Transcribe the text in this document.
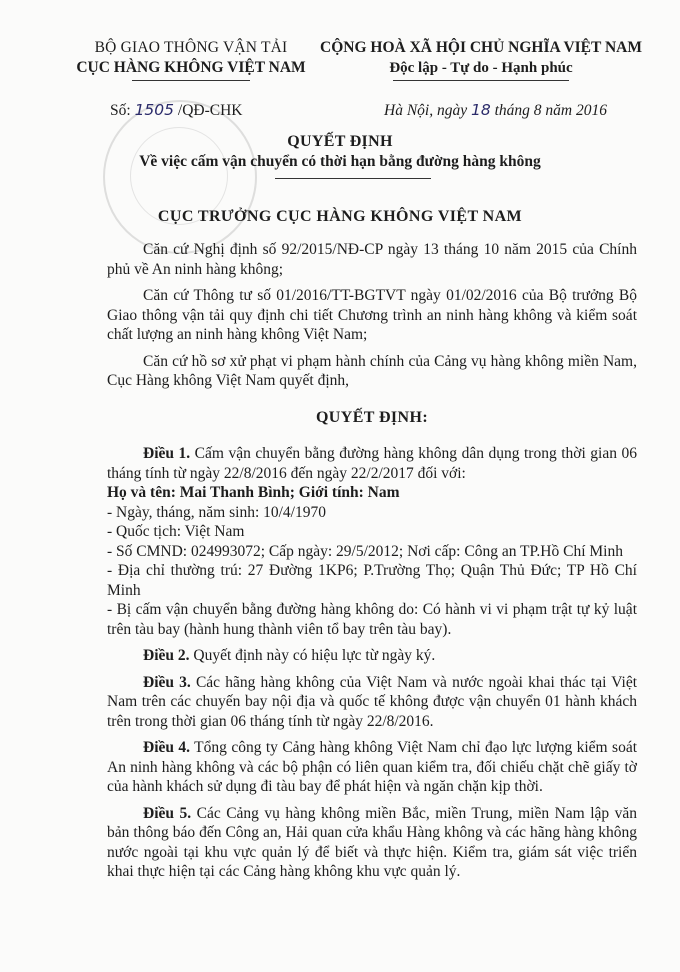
BỘ GIAO THÔNG VẬN TẢI
CỤC HÀNG KHÔNG VIỆT NAM
CỘNG HOÀ XÃ HỘI CHỦ NGHĨA VIỆT NAM
Độc lập - Tự do - Hạnh phúc
Số: 1505 /QĐ-CHK	Hà Nội, ngày 18 tháng 8 năm 2016
QUYẾT ĐỊNH
Về việc cấm vận chuyển có thời hạn bằng đường hàng không
CỤC TRƯỞNG CỤC HÀNG KHÔNG VIỆT NAM

Căn cứ Nghị định số 92/2015/NĐ-CP ngày 13 tháng 10 năm 2015 của Chính phủ về An ninh hàng không;

Căn cứ Thông tư số 01/2016/TT-BGTVT ngày 01/02/2016 của Bộ trưởng Bộ Giao thông vận tải quy định chi tiết Chương trình an ninh hàng không và kiểm soát chất lượng an ninh hàng không Việt Nam;

Căn cứ hồ sơ xử phạt vi phạm hành chính của Cảng vụ hàng không miền Nam, Cục Hàng không Việt Nam quyết định,

QUYẾT ĐỊNH:

Điều 1. Cấm vận chuyển bằng đường hàng không dân dụng trong thời gian 06 tháng tính từ ngày 22/8/2016 đến ngày 22/2/2017 đối với:

Họ và tên: Mai Thanh Bình; Giới tính: Nam

- Ngày, tháng, năm sinh: 10/4/1970

- Quốc tịch: Việt Nam

- Số CMND: 024993072; Cấp ngày: 29/5/2012; Nơi cấp: Công an TP.Hồ Chí Minh

- Địa chỉ thường trú: 27 Đường 1KP6; P.Trường Thọ; Quận Thủ Đức; TP Hồ Chí Minh

- Bị cấm vận chuyển bằng đường hàng không do: Có hành vi vi phạm trật tự kỷ luật trên tàu bay (hành hung thành viên tổ bay trên tàu bay).

Điều 2. Quyết định này có hiệu lực từ ngày ký.

Điều 3. Các hãng hàng không của Việt Nam và nước ngoài khai thác tại Việt Nam trên các chuyến bay nội địa và quốc tế không được vận chuyển 01 hành khách trên trong thời gian 06 tháng tính từ ngày 22/8/2016.

Điều 4. Tổng công ty Cảng hàng không Việt Nam chỉ đạo lực lượng kiểm soát An ninh hàng không và các bộ phận có liên quan kiểm tra, đối chiếu chặt chẽ giấy tờ của hành khách sử dụng đi tàu bay để phát hiện và ngăn chặn kịp thời.

Điều 5. Các Cảng vụ hàng không miền Bắc, miền Trung, miền Nam lập văn bản thông báo đến Công an, Hải quan cửa khẩu Hàng không và các hãng hàng không nước ngoài tại khu vực quản lý để biết và thực hiện. Kiểm tra, giám sát việc triển khai thực hiện tại các Cảng hàng không khu vực quản lý.
